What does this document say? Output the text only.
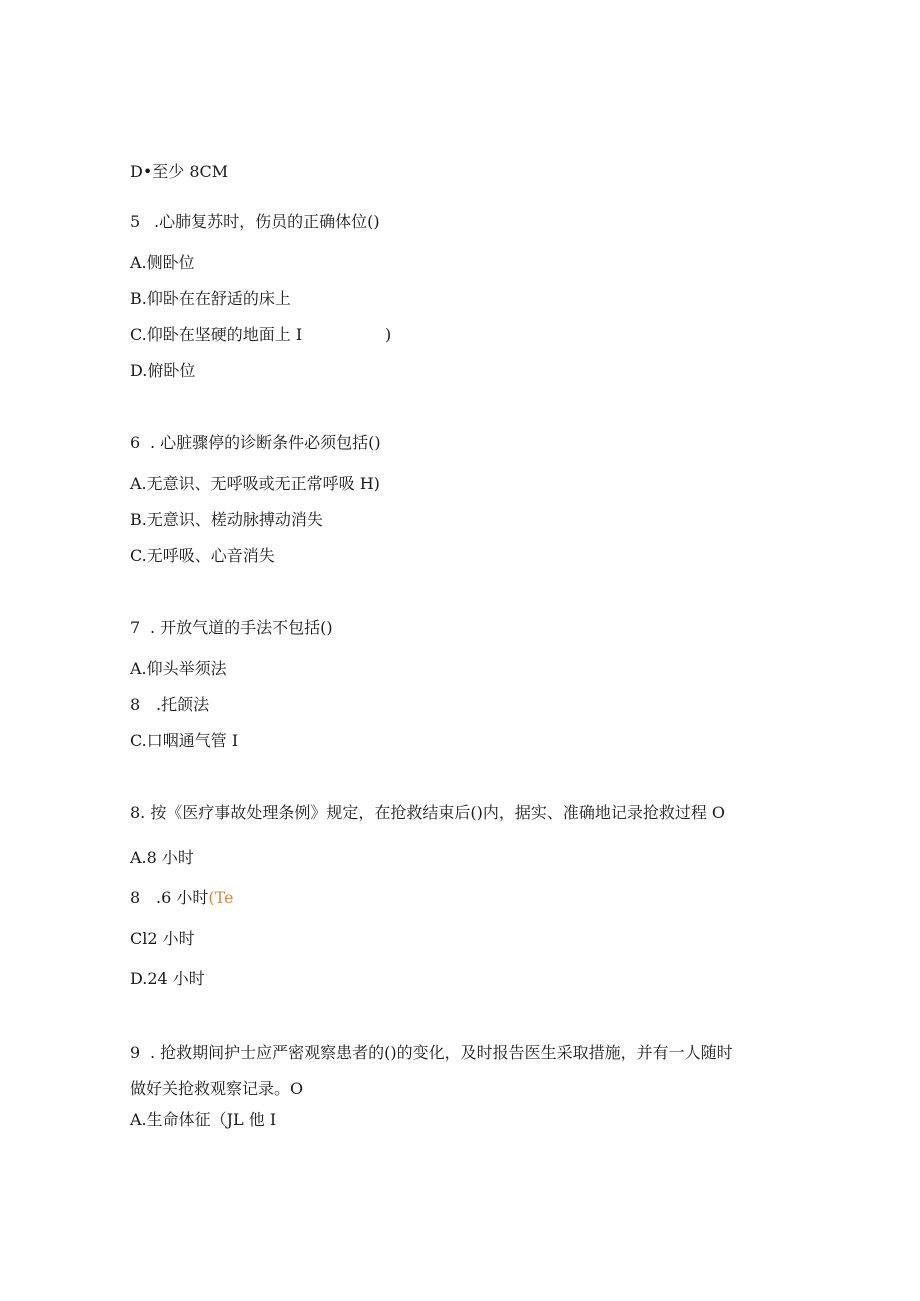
D•至少 8CM
5 .心肺复苏时，伤员的正确体位()
A.侧卧位
B.仰卧在在舒适的床上
C.仰卧在坚硬的地面上 I	)
D.俯卧位
6 . 心脏骤停的诊断条件必须包括()
A.无意识、无呼吸或无正常呼吸 H)
B.无意识、槎动脉搏动消失
C.无呼吸、心音消失
7 . 开放气道的手法不包括()
A.仰头举须法
8 .托颌法
C.口咽通气管 I
8. 按《医疗事故处理条例》规定，在抢救结束后()内，据实、准确地记录抢救过程 O
A.8 小时
8 .6 小时(Te
Cl2 小时
D.24 小时
9 . 抢救期间护士应严密观察患者的()的变化，及时报告医生采取措施，并有一人随时
做好关抢救观察记录。O
A.生命体征（JL 他 I
